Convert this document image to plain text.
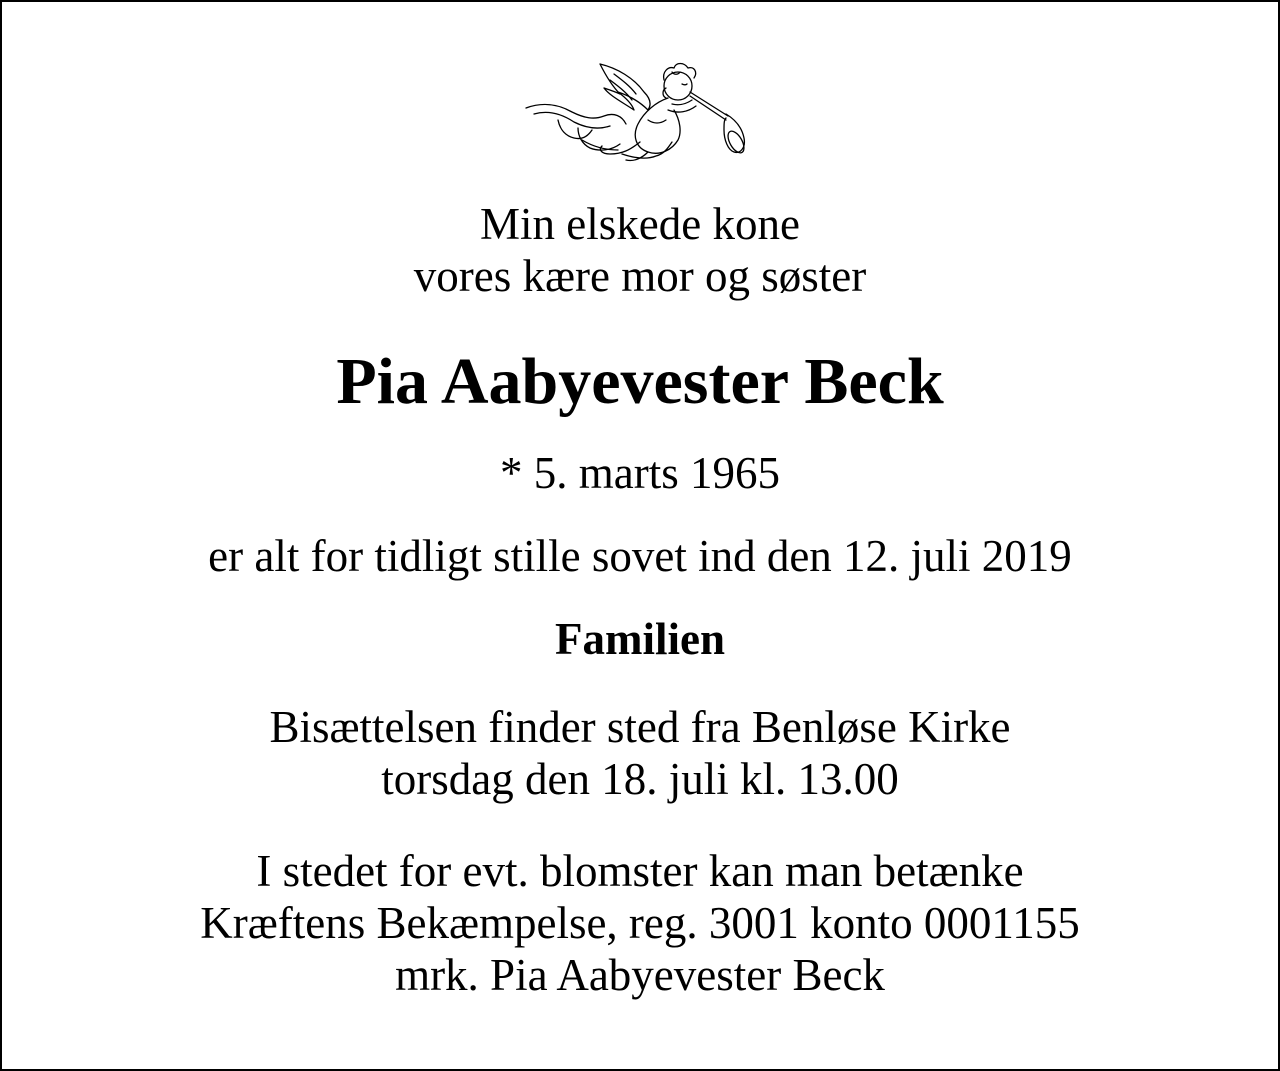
Min elskede kone
vores kære mor og søster
Pia Aabyevester Beck
* 5. marts 1965
er alt for tidligt stille sovet ind den 12. juli 2019
Familien
Bisættelsen finder sted fra Benløse Kirke
torsdag den 18. juli kl. 13.00
I stedet for evt. blomster kan man betænke
Kræftens Bekæmpelse, reg. 3001 konto 0001155
mrk. Pia Aabyevester Beck
